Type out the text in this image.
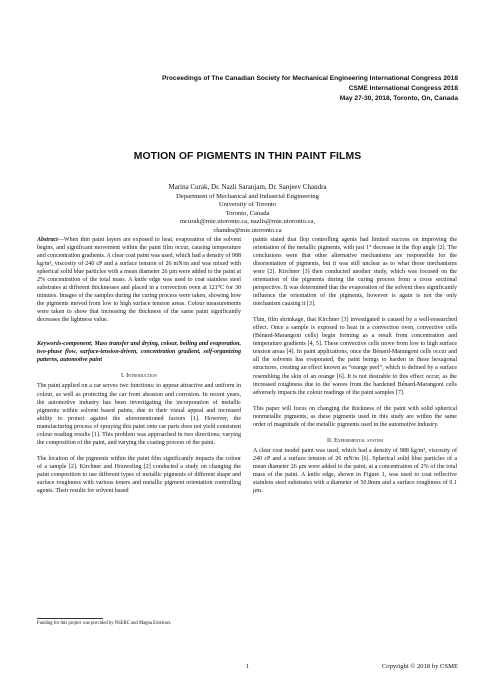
Proceedings of The Canadian Society for Mechanical Engineering International Congress 2018
CSME International Congress 2018
May 27-30, 2018, Toronto, On, Canada
MOTION OF PIGMENTS IN THIN PAINT FILMS
Marina Curak, Dr. Nazli Saranjam, Dr. Sanjeev Chandra
Department of Mechanical and Industrial Engineering
University of Toronto
Toronto, Canada
mcurak@mie.utoronto.ca, nazlis@mie.utoronto.ca,
chandra@mie.utoronto.ca

Abstract—When thin paint layers are exposed to heat, evaporation of the solvent begins, and significant movement within the paint film occur, causing temperature and concentration gradients. A clear coat paint was used, which had a density of 988 kg/m³, viscosity of 240 cP and a surface tension of 26 mN/m and was mixed with spherical solid blue particles with a mean diameter 26 μm were added to the paint at 2% concentration of the total mass. A knife edge was used to coat stainless steel substrates at different thicknesses and placed in a convection oven at 121°C for 30 minutes. Images of the samples during the curing process were taken, showing how the pigments moved from low to high surface tension areas. Colour measurements were taken to show that increasing the thickness of the same paint significantly decreases the lightness value.

Keywords-component; Mass transfer and drying, colour, boiling and evaporation, two-phase flow, surface-tension-driven, concentration gradient, self-organizing patterns, automotive paint

I. Introduction

The paint applied on a car serves two functions: to appear attractive and uniform in colour, as well as protecting the car from abrasion and corrosion. In recent years, the automotive industry has been investigating the incorporation of metallic pigments within solvent based paints, due to their visual appeal and increased ability to protect against the aforementioned factors [1]. However, the manufacturing process of spraying this paint onto car parts does not yield consistent colour reading results [1]. This problem was approached in two directions; varying the composition of the paint, and varying the coating process of the paint.

The location of the pigments within the paint film significantly impacts the colour of a sample [2]. Kirchner and Houweling [2] conducted a study on changing the paint composition to use different types of metallic pigments of different shape and surface roughness with various toners and metallic pigment orientation controlling agents. Their results for solvent based

paints stated that flop controlling agents had limited success on improving the orientation of the metallic pigments, with just 1° decrease in the flop angle [2]. The conclusions were that other alternative mechanisms are responsible for the disorientation of pigments, but it was still unclear as to what those mechanisms were [2]. Kirchner [3] then conducted another study, which was focused on the orientation of the pigments during the curing process from a cross sectional perspective. It was determined that the evaporation of the solvent does significantly influence the orientation of the pigments, however is again is not the only mechanism causing it [3].

Thin, film shrinkage, that Kirchner [3] investigated is caused by a well-researched effect. Once a sample is exposed to heat in a convection oven, convective cells (Bénard-Marangoni cells) begin forming as a result from concentration and temperature gradients [4, 5]. These convective cells move from low to high surface tension areas [4]. In paint applications, once the Bénard-Marangoni cells occur and all the solvents has evaporated, the paint beings to harden in these hexagonal structures, creating an effect known as “orange peel”, which is defined by a surface resembling the skin of an orange [6]. It is not desirable to this effect occur, as the increased roughness due to the waves from the hardened Bénard-Marangoni cells adversely impacts the colour readings of the paint samples [7].

This paper will focus on changing the thickness of the paint with solid spherical nonmetallic pigments, as these pigments used in this study are within the same order of magnitude of the metallic pigments used in the automotive industry.

II. Experimental system

A clear coat model paint was used, which had a density of 988 kg/m³, viscosity of 240 cP and a surface tension of 26 mN/m [6]. Spherical solid blue particles of a mean diameter 26 μm were added to the paint, at a concentration of 2% of the total mass of the paint. A knife edge, shown in Figure 1, was used to coat reflective stainless steel substrates with a diameter of 50.8mm and a surface roughness of 0.1 μm.

Funding for this project was provided by NSERC and Magna Exteriors.
1	Copyright © 2018 by CSME
